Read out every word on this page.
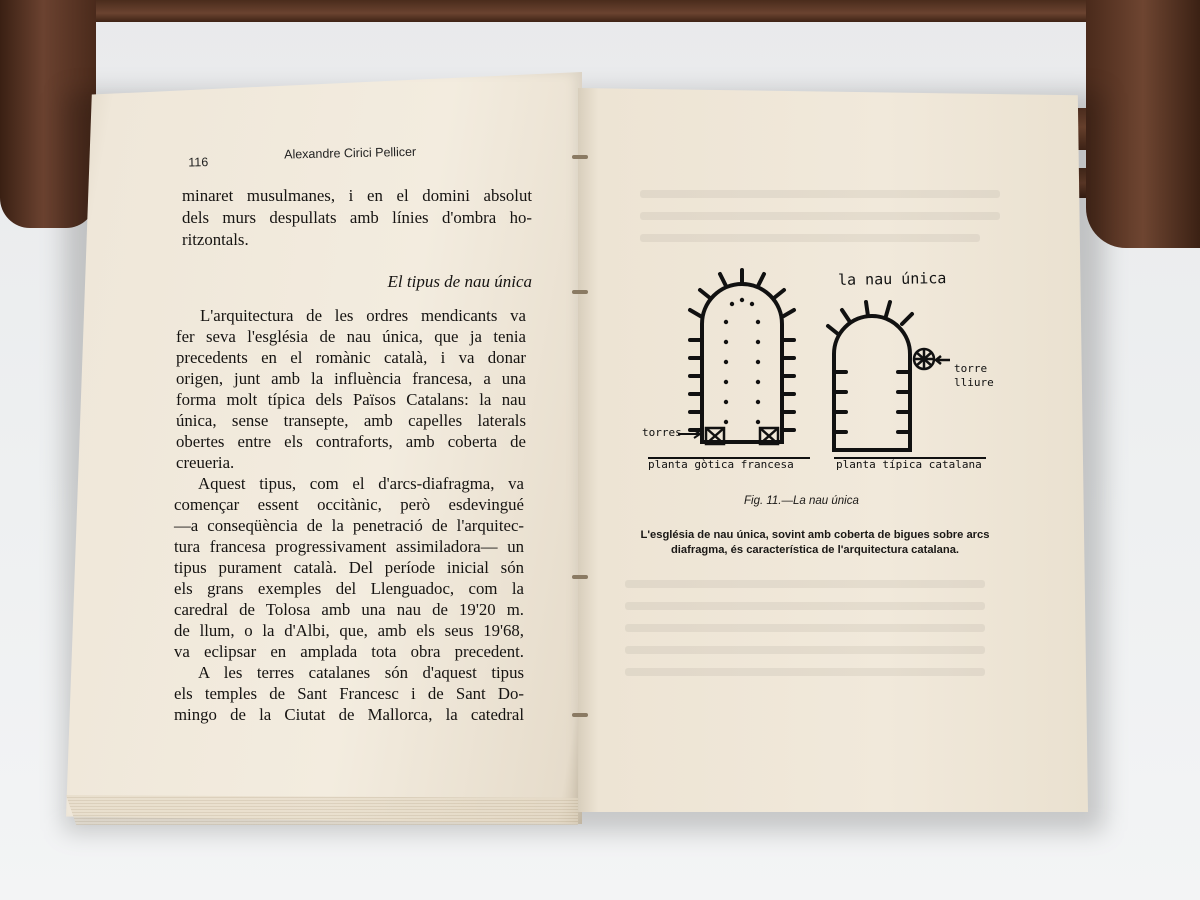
116
Alexandre Cirici Pellicer
minaret musulmanes, i en el domini absolut
dels murs despullats amb línies d'ombra ho-
ritzontals.
El tipus de nau única
L'arquitectura de les ordres mendicants va
fer seva l'església de nau única, que ja tenia
precedents en el romànic català, i va donar
origen, junt amb la influència francesa, a una
forma molt típica dels Països Catalans: la nau
única, sense transepte, amb capelles laterals
obertes entre els contraforts, amb coberta de
creueria.
Aquest tipus, com el d'arcs-diafragma, va
començar essent occitànic, però esdevingué
—a conseqüència de la penetració de l'arquitec-
tura francesa progressivament assimiladora— un
tipus purament català. Del període inicial són
els grans exemples del Llenguadoc, com la
caredral de Tolosa amb una nau de 19'20 m.
de llum, o la d'Albi, que, amb els seus 19'68,
va eclipsar en amplada tota obra precedent.
A les terres catalanes són d'aquest tipus
els temples de Sant Francesc i de Sant Do-
mingo de la Ciutat de Mallorca, la catedral
la nau única
torres
torre
lliure
planta gòtica francesa	planta típica catalana
Fig. 11.—La nau única
L'església de nau única, sovint amb coberta de bigues sobre arcs
diafragma, és característica de l'arquitectura catalana.
